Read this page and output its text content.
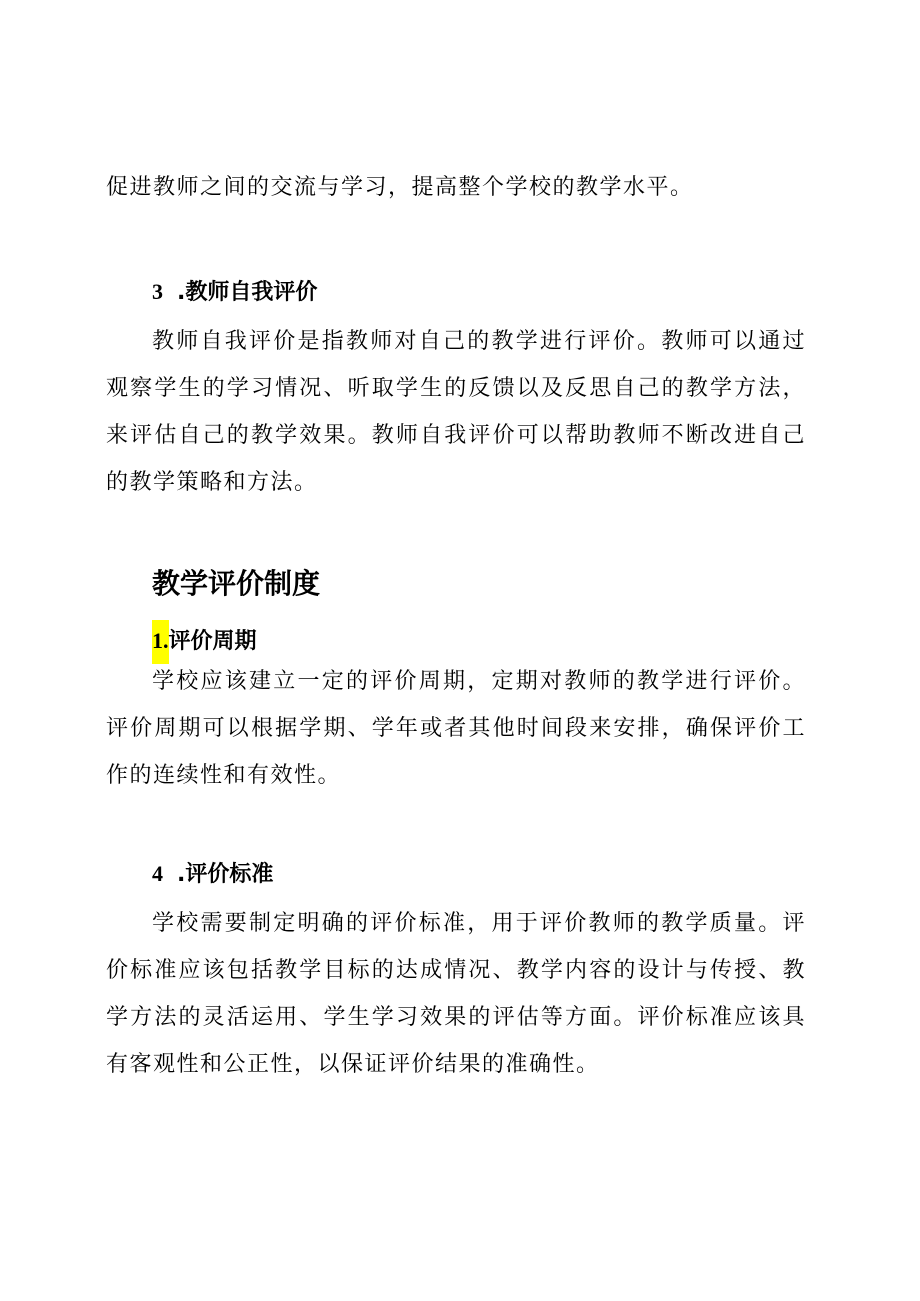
促进教师之间的交流与学习，提高整个学校的教学水平。

3 .教师自我评价

教师自我评价是指教师对自己的教学进行评价。教师可以通过观察学生的学习情况、听取学生的反馈以及反思自己的教学方法，来评估自己的教学效果。教师自我评价可以帮助教师不断改进自己的教学策略和方法。

教学评价制度
1.评价周期

学校应该建立一定的评价周期，定期对教师的教学进行评价。评价周期可以根据学期、学年或者其他时间段来安排，确保评价工作的连续性和有效性。

4 .评价标准

学校需要制定明确的评价标准，用于评价教师的教学质量。评价标准应该包括教学目标的达成情况、教学内容的设计与传授、教学方法的灵活运用、学生学习效果的评估等方面。评价标准应该具有客观性和公正性，以保证评价结果的准确性。
